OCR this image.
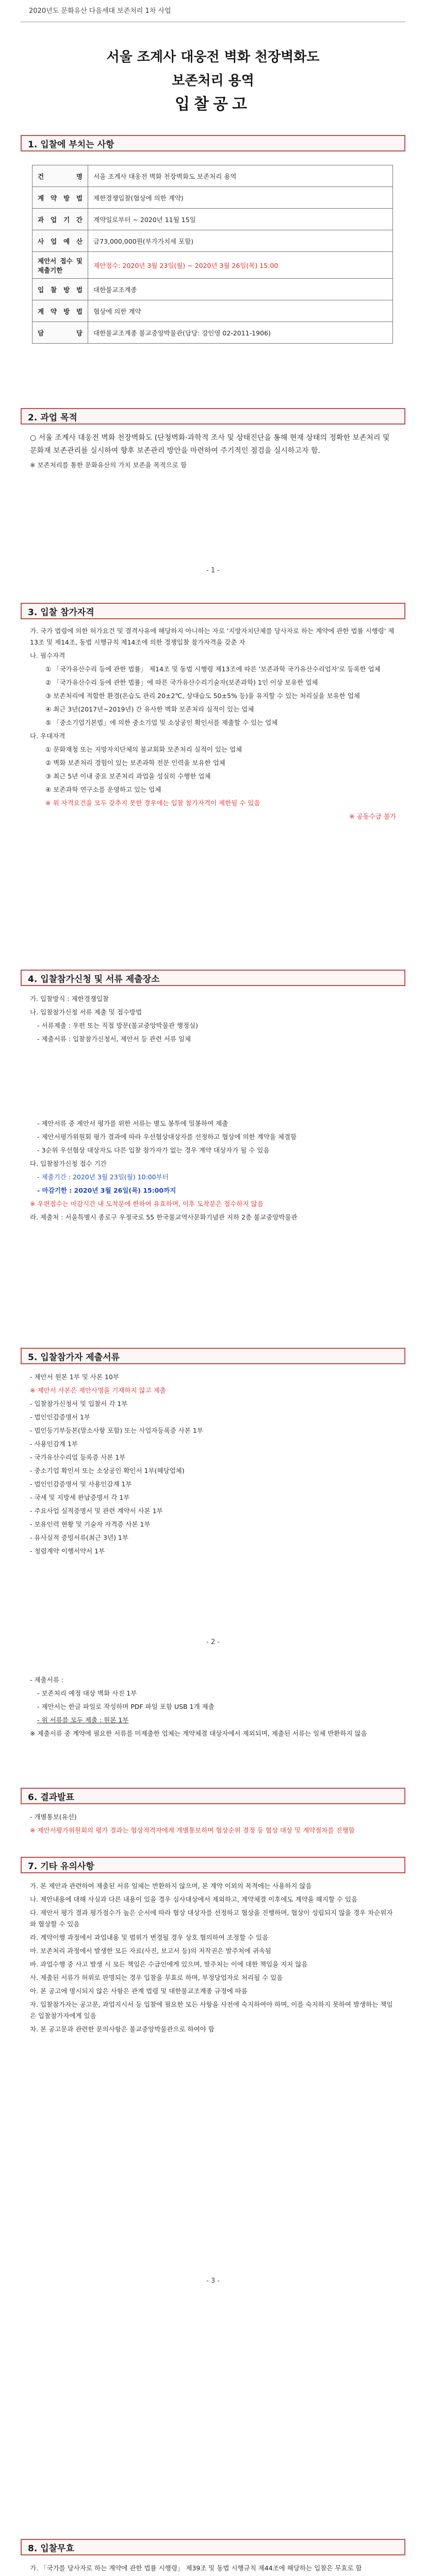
2020년도 문화유산 다음세대 보존처리 1차 사업
서울 조계사 대웅전 벽화 천장벽화도
보존처리 용역
입찰공고
1. 입찰에 부치는 사항
건 명	서울 조계사 대웅전 벽화 천장벽화도 보존처리 용역
계 약 방 법	제한경쟁입찰(협상에 의한 계약)
과 업 기 간	계약일로부터 ~ 2020년 11월 15일
사 업 예 산	금73,000,000원(부가가치세 포함)
제안서 접수 및 제출기한	제안접수: 2020년 3월 23일(월) ~ 2020년 3월 26일(목) 15:00
입 찰 방 법	대한불교조계종
계 약 방 법	협상에 의한 계약
담 당	대한불교조계종 불교중앙박물관(담당: 강인영 02-2011-1906)
2. 과업 목적

○ 서울 조계사 대웅전 벽화 천장벽화도 (단청벽화·과학적 조사 및 상태진단을 통해 현재 상태의 정확한 보존처리 및 문화재 보존관리를 실시하여 향후 보존관리 방안을 마련하여 주기적인 점검을 실시하고자 함.

※ 보존처리를 통한 문화유산의 가치 보존을 목적으로 함

- 1 -
3. 입찰 참가자격

가. 국가 법령에 의한 허가요건 및 결격사유에 해당하지 아니하는 자로 '지방자치단체를 당사자로 하는 계약에 관한 법률 시행령' 제13조 및 제14조, 동법 시행규칙 제14조에 의한 경쟁입찰 참가자격을 갖춘 자

나. 필수자격

① 「국가유산수리 등에 관한 법률」 제14조 및 동법 시행령 제13조에 따른 '보존과학 국가유산수리업자'로 등록한 업체

② 「국가유산수리 등에 관한 법률」에 따른 국가유산수리기술자(보존과학) 1인 이상 보유한 업체

③ 보존처리에 적합한 환경(온습도 관리 20±2℃, 상대습도 50±5% 등)을 유지할 수 있는 처리실을 보유한 업체

④ 최근 3년(2017년~2019년) 간 유사한 벽화 보존처리 실적이 있는 업체

⑤ 「중소기업기본법」에 의한 중소기업 및 소상공인 확인서를 제출할 수 있는 업체

다. 우대자격

① 문화재청 또는 지방자치단체의 불교회화 보존처리 실적이 있는 업체

② 벽화 보존처리 경험이 있는 보존과학 전문 인력을 보유한 업체

③ 최근 5년 이내 중요 보존처리 과업을 성실히 수행한 업체

④ 보존과학 연구소를 운영하고 있는 업체

※ 위 자격요건을 모두 갖추지 못한 경우에는 입찰 참가자격이 제한될 수 있음

※ 공동수급 불가

4. 입찰참가신청 및 서류 제출장소

가. 입찰방식 : 제한경쟁입찰

나. 입찰참가신청 서류 제출 및 접수방법

- 서류제출 : 우편 또는 직접 방문(불교중앙박물관 행정실)

- 제출서류 : 입찰참가신청서, 제안서 등 관련 서류 일체

- 제안서류 중 제안서 평가를 위한 서류는 별도 봉투에 밀봉하여 제출

- 제안서평가위원회 평가 결과에 따라 우선협상대상자를 선정하고 협상에 의한 계약을 체결함

- 3순위 우선협상 대상자도 다른 입찰 참가자가 없는 경우 계약 대상자가 될 수 있음

다. 입찰참가신청 접수 기간

- 제출기간 : 2020년 3월 23일(월) 10:00부터

- 마감기한 : 2020년 3월 26일(목) 15:00까지

※ 우편접수는 마감시간 내 도착분에 한하여 유효하며, 이후 도착분은 접수하지 않음

라. 제출처 : 서울특별시 종로구 우정국로 55 한국불교역사문화기념관 지하 2층 불교중앙박물관

5. 입찰참가자 제출서류

- 제안서 원본 1부 및 사본 10부

※ 제안서 사본은 제안사명을 기재하지 않고 제출

- 입찰참가신청서 및 입찰서 각 1부

- 법인인감증명서 1부

- 법인등기부등본(말소사항 포함) 또는 사업자등록증 사본 1부

- 사용인감계 1부

- 국가유산수리업 등록증 사본 1부

- 중소기업 확인서 또는 소상공인 확인서 1부(해당업체)

- 법인인감증명서 및 사용인감계 1부

- 국세 및 지방세 완납증명서 각 1부

- 주요사업 실적증명서 및 관련 계약서 사본 1부

- 보유인력 현황 및 기술자 자격증 사본 1부

- 유사실적 증빙서류(최근 3년) 1부

- 청렴계약 이행서약서 1부

- 2 -

- 제출서류 :

- 보존처리 예정 대상 벽화 사진 1부

- 제안서는 한글 파일로 작성하며 PDF 파일 포함 USB 1개 제출

- 위 서류를 모두 제출 : 원본 1부

※ 제출서류 중 계약에 필요한 서류를 미제출한 업체는 계약체결 대상자에서 제외되며, 제출된 서류는 일체 반환하지 않음

6. 결과발표

- 개별통보(유선)

※ 제안서평가위원회의 평가 결과는 협상적격자에게 개별통보하며 협상순위 결정 등 협상 대상 및 계약절차를 진행함

7. 기타 유의사항

가. 본 제안과 관련하여 제출된 서류 일체는 반환하지 않으며, 본 계약 이외의 목적에는 사용하지 않음

나. 제안내용에 대해 사실과 다른 내용이 있을 경우 심사대상에서 제외하고, 계약체결 이후에도 계약을 해지할 수 있음

다. 제안서 평가 결과 평가점수가 높은 순서에 따라 협상 대상자를 선정하고 협상을 진행하며, 협상이 성립되지 않을 경우 차순위자와 협상할 수 있음

라. 계약이행 과정에서 과업내용 및 범위가 변경될 경우 상호 협의하여 조정할 수 있음

마. 보존처리 과정에서 발생한 모든 자료(사진, 보고서 등)의 저작권은 발주처에 귀속됨

바. 과업수행 중 사고 발생 시 모든 책임은 수급인에게 있으며, 발주처는 이에 대한 책임을 지지 않음

사. 제출된 서류가 허위로 판명되는 경우 입찰을 무효로 하며, 부정당업자로 처리될 수 있음

아. 본 공고에 명시되지 않은 사항은 관계 법령 및 대한불교조계종 규정에 따름

자. 입찰참가자는 공고문, 과업지시서 등 입찰에 필요한 모든 사항을 사전에 숙지하여야 하며, 이를 숙지하지 못하여 발생하는 책임은 입찰참가자에게 있음

차. 본 공고문과 관련한 문의사항은 불교중앙박물관으로 하여야 함

- 3 -
8. 입찰무효

가. 「국가를 당사자로 하는 계약에 관한 법률 시행령」 제39조 및 동법 시행규칙 제44조에 해당하는 입찰은 무효로 함
